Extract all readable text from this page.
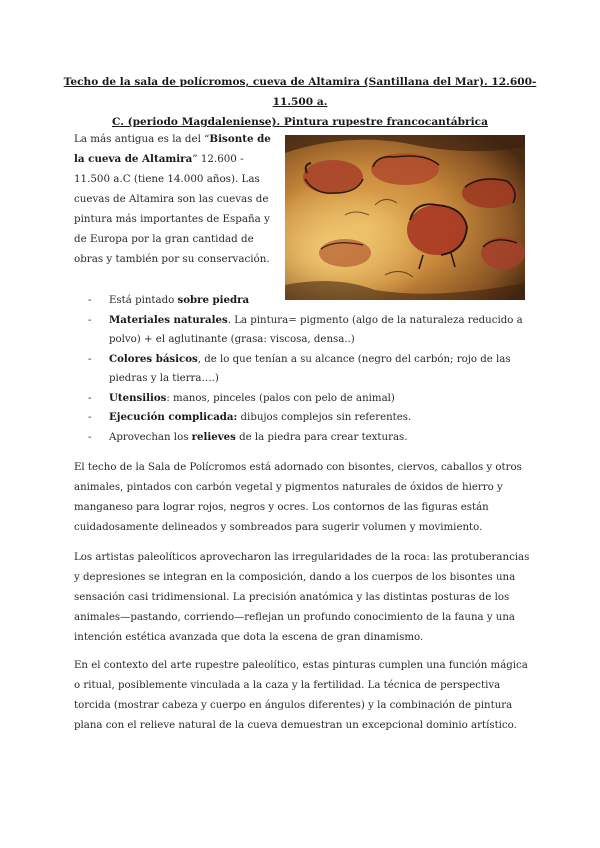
Techo de la sala de polícromos, cueva de Altamira (Santillana del Mar). 12.600-11.500 a.
C. (periodo Magdaleniense). Pintura rupestre francocantábrica
La más antigua es la del “Bisonte de la cueva de Altamira” 12.600 - 11.500 a.C (tiene 14.000 años). Las cuevas de Altamira son las cuevas de pintura más importantes de España y de Europa por la gran cantidad de obras y también por su conservación.
- Está pintado sobre piedra
- Materiales naturales. La pintura= pigmento (algo de la naturaleza reducido a polvo) + el aglutinante (grasa: viscosa, densa..)
- Colores básicos, de lo que tenían a su alcance (negro del carbón; rojo de las piedras y la tierra….)
- Utensilios: manos, pinceles (palos con pelo de animal)
- Ejecución complicada: dibujos complejos sin referentes.
- Aprovechan los relieves de la piedra para crear texturas.

El techo de la Sala de Polícromos está adornado con bisontes, ciervos, caballos y otros animales, pintados con carbón vegetal y pigmentos naturales de óxidos de hierro y manganeso para lograr rojos, negros y ocres. Los contornos de las figuras están cuidadosamente delineados y sombreados para sugerir volumen y movimiento.

Los artistas paleolíticos aprovecharon las irregularidades de la roca: las protuberancias y depresiones se integran en la composición, dando a los cuerpos de los bisontes una sensación casi tridimensional. La precisión anatómica y las distintas posturas de los animales—pastando, corriendo—reflejan un profundo conocimiento de la fauna y una intención estética avanzada que dota la escena de gran dinamismo.

En el contexto del arte rupestre paleolítico, estas pinturas cumplen una función mágica o ritual, posiblemente vinculada a la caza y la fertilidad. La técnica de perspectiva torcida (mostrar cabeza y cuerpo en ángulos diferentes) y la combinación de pintura plana con el relieve natural de la cueva demuestran un excepcional dominio artístico.
